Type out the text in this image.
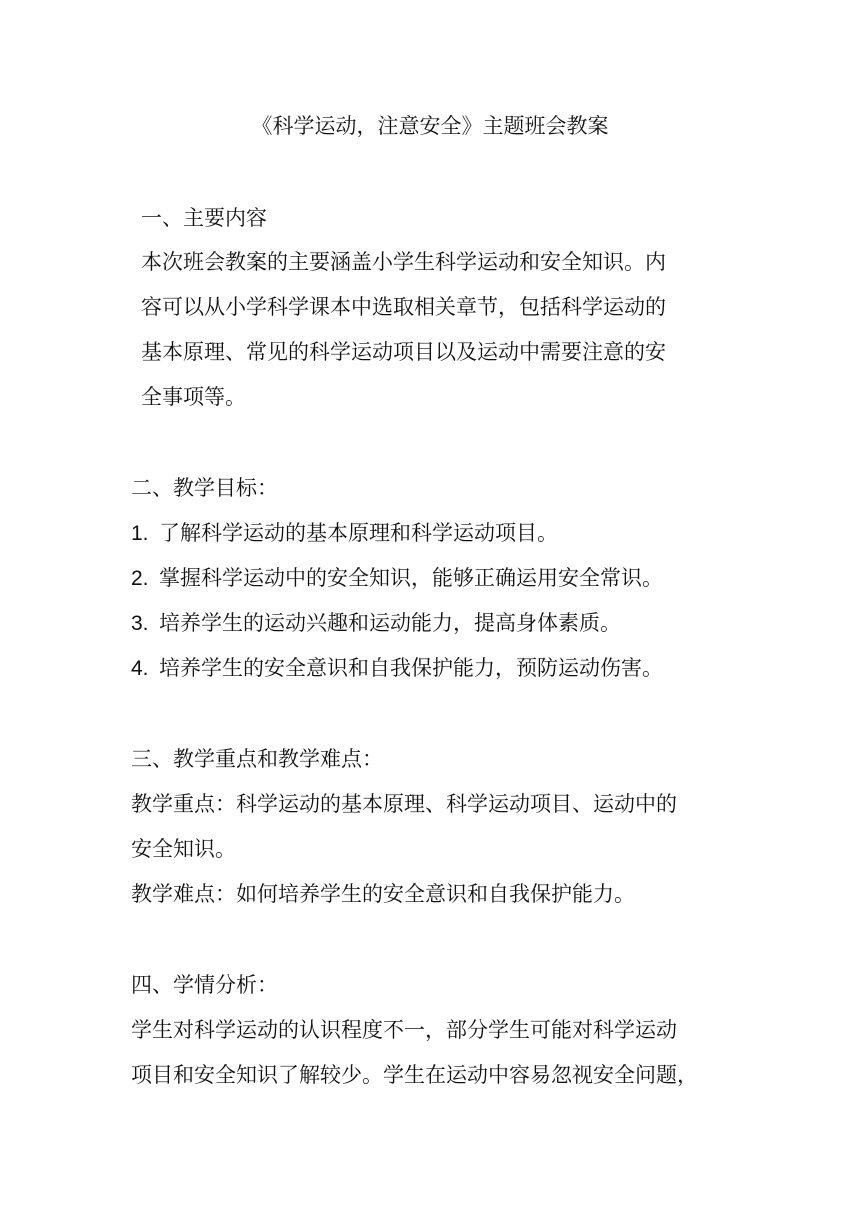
《科学运动，注意安全》主题班会教案
一、主要内容
本次班会教案的主要涵盖小学生科学运动和安全知识。内
容可以从小学科学课本中选取相关章节，包括科学运动的
基本原理、常见的科学运动项目以及运动中需要注意的安
全事项等。
二、教学目标：
1. 了解科学运动的基本原理和科学运动项目。
2. 掌握科学运动中的安全知识，能够正确运用安全常识。
3. 培养学生的运动兴趣和运动能力，提高身体素质。
4. 培养学生的安全意识和自我保护能力，预防运动伤害。
三、教学重点和教学难点：
教学重点：科学运动的基本原理、科学运动项目、运动中的
安全知识。
教学难点：如何培养学生的安全意识和自我保护能力。
四、学情分析：
学生对科学运动的认识程度不一，部分学生可能对科学运动
项目和安全知识了解较少。学生在运动中容易忽视安全问题，
